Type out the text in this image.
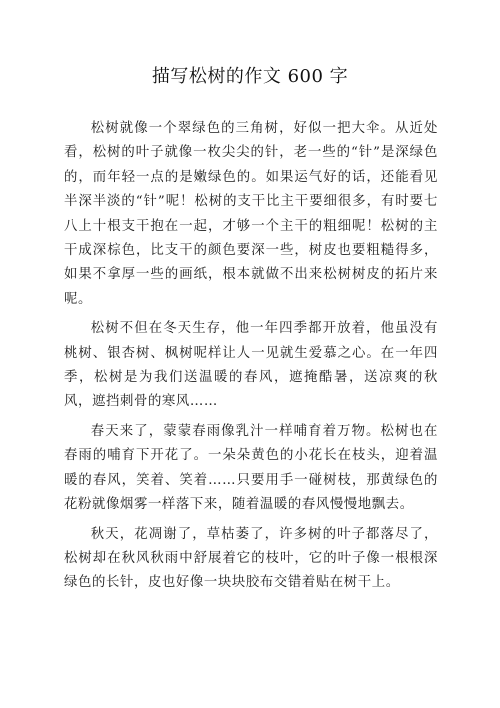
描写松树的作文 600 字

松树就像一个翠绿色的三角树，好似一把大伞。从近处看，松树的叶子就像一枚尖尖的针，老一些的“针”是深绿色的，而年轻一点的是嫩绿色的。如果运气好的话，还能看见半深半淡的“针”呢！松树的支干比主干要细很多，有时要七八上十根支干抱在一起，才够一个主干的粗细呢！松树的主干成深棕色，比支干的颜色要深一些，树皮也要粗糙得多，如果不拿厚一些的画纸，根本就做不出来松树树皮的拓片来呢。

松树不但在冬天生存，他一年四季都开放着，他虽没有桃树、银杏树、枫树呢样让人一见就生爱慕之心。在一年四季，松树是为我们送温暖的春风，遮掩酷暑，送凉爽的秋风，遮挡刺骨的寒风……

春天来了，蒙蒙春雨像乳汁一样哺育着万物。松树也在春雨的哺育下开花了。一朵朵黄色的小花长在枝头，迎着温暖的春风，笑着、笑着……只要用手一碰树枝，那黄绿色的花粉就像烟雾一样落下来，随着温暖的春风慢慢地飘去。

秋天，花凋谢了，草枯萎了，许多树的叶子都落尽了，松树却在秋风秋雨中舒展着它的枝叶，它的叶子像一根根深绿色的长针，皮也好像一块块胶布交错着贴在树干上。
